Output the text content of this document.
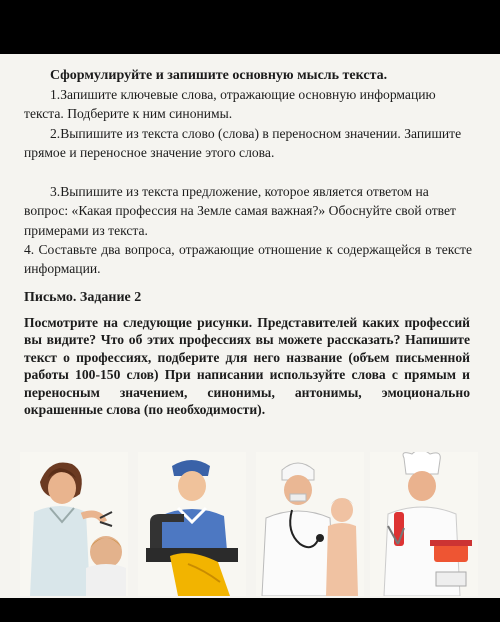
Сформулируйте и запишите основную мысль текста.
1.Запишите ключевые слова, отражающие основную информацию текста. Подберите к ним синонимы.
2.Выпишите из текста слово (слова) в переносном значении. Запишите прямое и переносное значение этого слова.
3.Выпишите из текста предложение, которое является ответом на вопрос: «Какая профессия на Земле самая важная?» Обоснуйте свой ответ примерами из текста.
4. Составьте два вопроса, отражающие отношение к содержащейся в тексте информации.
Письмо. Задание 2
Посмотрите на следующие рисунки. Представителей каких профессий вы видите? Что об этих профессиях вы можете рассказать? Напишите текст о профессиях, подберите для него название (объем письменной работы 100-150 слов) При написании используйте слова с прямым и переносным значением, синонимы, антонимы, эмоционально окрашенные слова (по необходимости).
